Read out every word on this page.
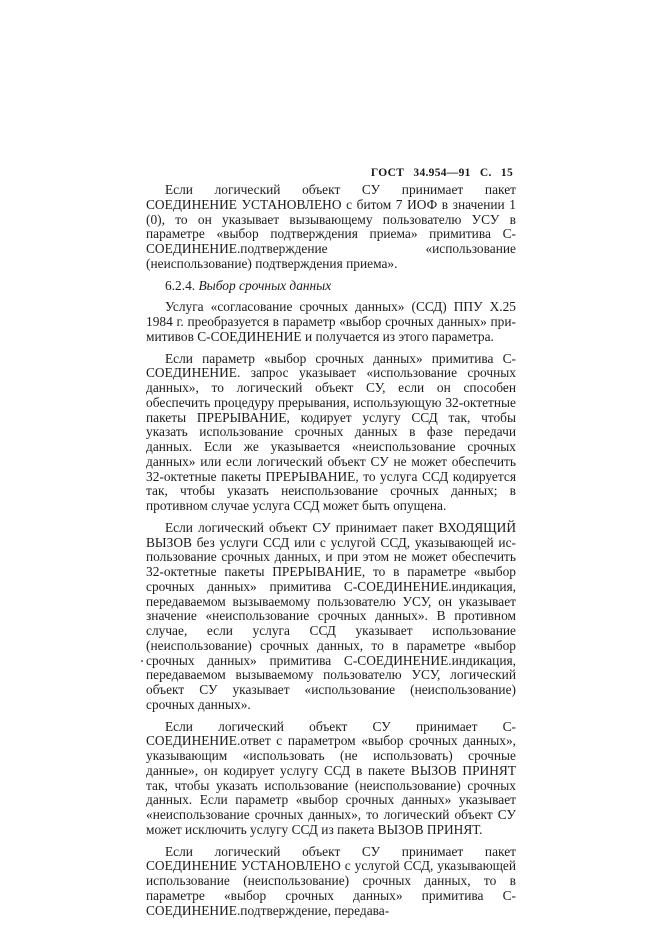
ГОСТ 34.954—91 С. 15

Если логический объект СУ принимает пакет СОЕДИНЕНИЕ УСТАНОВЛЕНО с битом 7 ИОФ в значении 1 (0), то он указывает вызывающему пользователю УСУ в параметре «выбор подтверждения приема» примитива С-СОЕДИНЕНИЕ.подтверждение «использование (неиспользование) подтверждения приема».

6.2.4. Выбор срочных данных

Услуга «согласование срочных данных» (ССД) ППУ X.25 1984 г. преобразуется в параметр «выбор срочных данных» примитивов С-СОЕДИНЕНИЕ и получается из этого параметра.

Если параметр «выбор срочных данных» примитива С-СОЕДИНЕНИЕ. запрос указывает «использование срочных данных», то логический объект СУ, если он способен обеспечить процедуру прерывания, использующую 32-октетные пакеты ПРЕРЫВАНИЕ, кодирует услугу ССД так, чтобы указать использование срочных данных в фазе передачи данных. Если же указывается «неиспользование срочных данных» или если логический объект СУ не может обеспечить 32-октетные пакеты ПРЕРЫВАНИЕ, то услуга ССД кодируется так, чтобы указать неиспользование срочных данных; в противном случае услуга ССД может быть опущена.

Если логический объект СУ принимает пакет ВХОДЯЩИЙ ВЫЗОВ без услуги ССД или с услугой ССД, указывающей использование срочных данных, и при этом не может обеспечить 32-октетные пакеты ПРЕРЫВАНИЕ, то в параметре «выбор срочных данных» примитива С-СОЕДИНЕНИЕ.индикация, передаваемом вызываемому пользователю УСУ, он указывает значение «неиспользование срочных данных». В противном случае, если услуга ССД указывает использование (неиспользование) срочных данных, то в параметре «выбор срочных данных» примитива С-СОЕДИНЕНИЕ.индикация, передаваемом вызываемому пользователю УСУ, логический объект СУ указывает «использование (неиспользование) срочных данных».

Если логический объект СУ принимает С-СОЕДИНЕНИЕ.ответ с параметром «выбор срочных данных», указывающим «использовать (не использовать) срочные данные», он кодирует услугу ССД в пакете ВЫЗОВ ПРИНЯТ так, чтобы указать использование (неиспользование) срочных данных. Если параметр «выбор срочных данных» указывает «неиспользование срочных данных», то логический объект СУ может исключить услугу ССД из пакета ВЫЗОВ ПРИНЯТ.

Если логический объект СУ принимает пакет СОЕДИНЕНИЕ УСТАНОВЛЕНО с услугой ССД, указывающей использование (неиспользование) срочных данных, то в параметре «выбор срочных данных» примитива С-СОЕДИНЕНИЕ.подтверждение, передава-
